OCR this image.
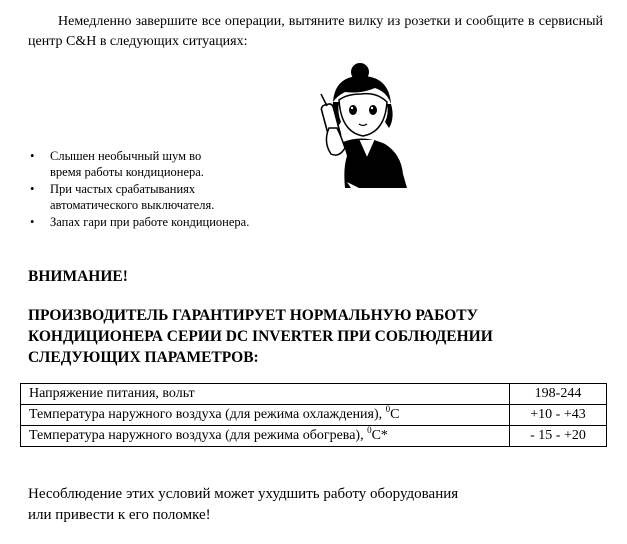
Немедленно завершите все операции, вытяните вилку из розетки и сообщите в сервисный центр С&H в следующих ситуациях:

• Слышен необычный шум во
время работы кондиционера.
• При частых срабатываниях
автоматического выключателя.
• Запах гари при работе кондиционера.
ВНИМАНИЕ!
ПРОИЗВОДИТЕЛЬ ГАРАНТИРУЕТ НОРМАЛЬНУЮ РАБОТУ
КОНДИЦИОНЕРА СЕРИИ DC INVERTER ПРИ СОБЛЮДЕНИИ
СЛЕДУЮЩИХ ПАРАМЕТРОВ:
Напряжение питания, вольт	198-244
Температура наружного воздуха (для режима охлаждения), $^0$С	+10 - +43
Температура наружного воздуха (для режима обогрева), $^0$С*	- 15 - +20
Несоблюдение этих условий может ухудшить работу оборудования
или привести к его поломке!
